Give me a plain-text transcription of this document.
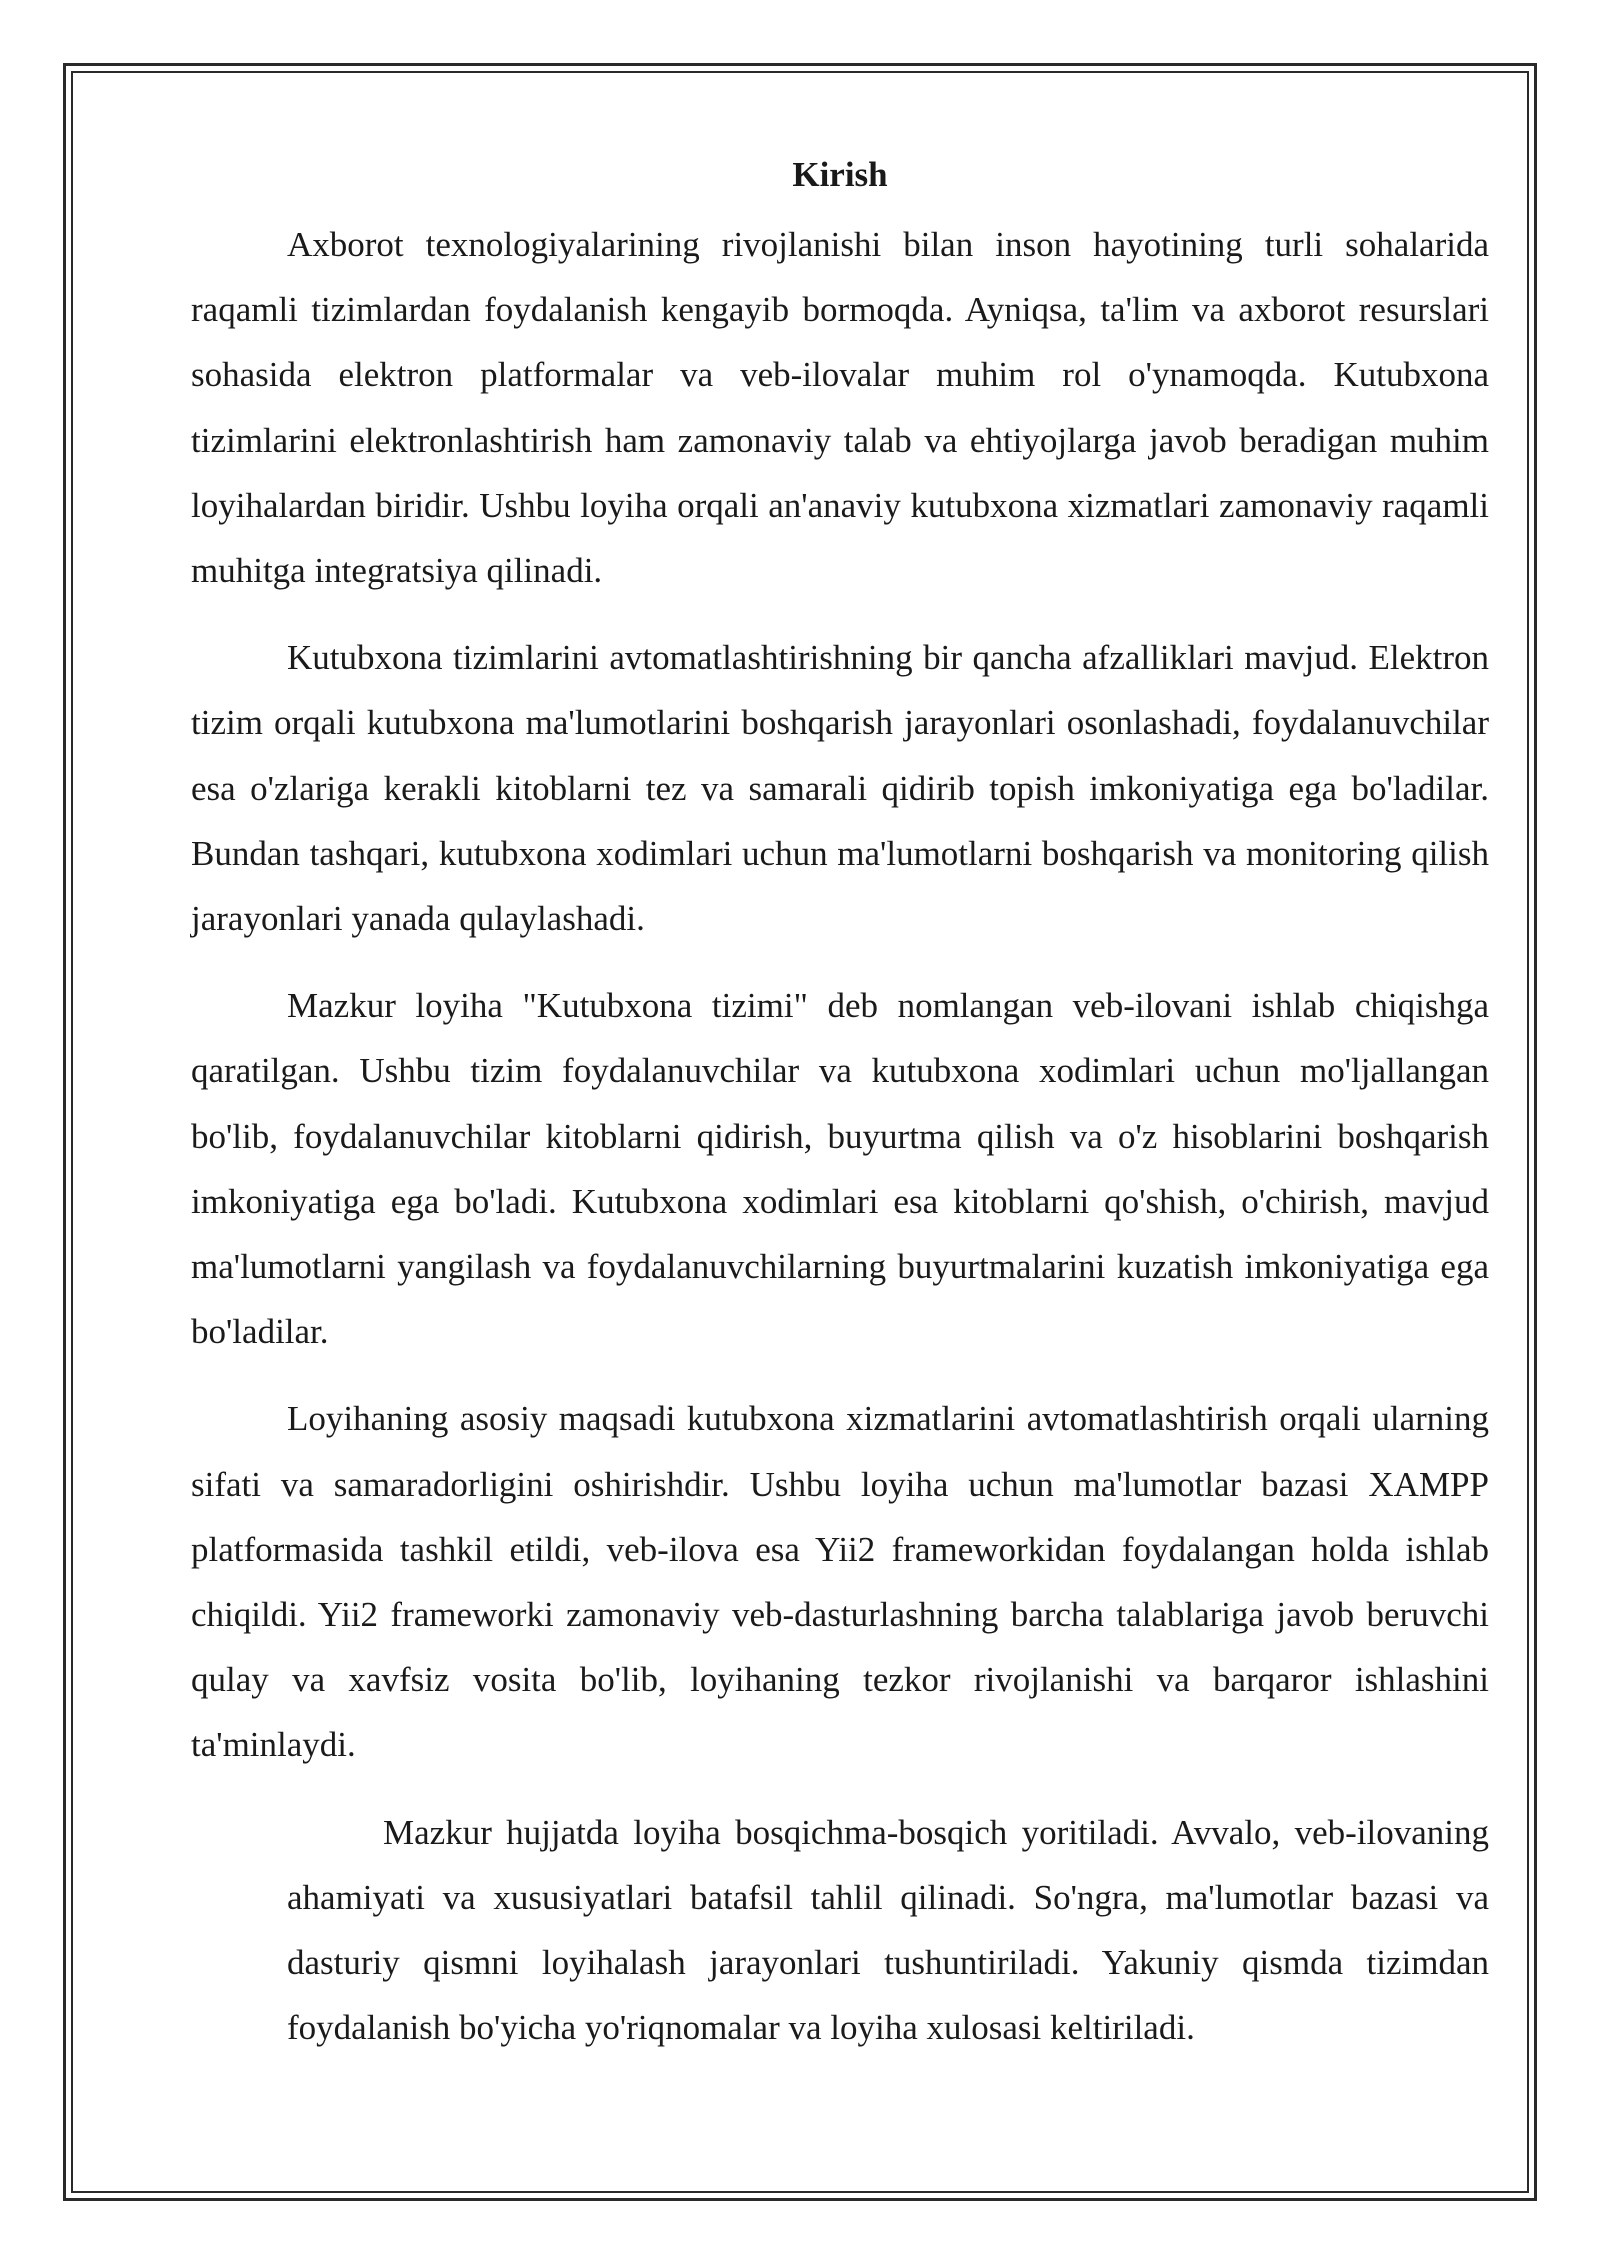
Kirish

Axborot texnologiyalarining rivojlanishi bilan inson hayotining turli sohalarida raqamli tizimlardan foydalanish kengayib bormoqda. Ayniqsa, ta'lim va axborot resurslari sohasida elektron platformalar va veb-ilovalar muhim rol o'ynamoqda. Kutubxona tizimlarini elektronlashtirish ham zamonaviy talab va ehtiyojlarga javob beradigan muhim loyihalardan biridir. Ushbu loyiha orqali an'anaviy kutubxona xizmatlari zamonaviy raqamli muhitga integratsiya qilinadi.

Kutubxona tizimlarini avtomatlashtirishning bir qancha afzalliklari mavjud. Elektron tizim orqali kutubxona ma'lumotlarini boshqarish jarayonlari osonlashadi, foydalanuvchilar esa o'zlariga kerakli kitoblarni tez va samarali qidirib topish imkoniyatiga ega bo'ladilar. Bundan tashqari, kutubxona xodimlari uchun ma'lumotlarni boshqarish va monitoring qilish jarayonlari yanada qulaylashadi.

Mazkur loyiha "Kutubxona tizimi" deb nomlangan veb-ilovani ishlab chiqishga qaratilgan. Ushbu tizim foydalanuvchilar va kutubxona xodimlari uchun mo'ljallangan bo'lib, foydalanuvchilar kitoblarni qidirish, buyurtma qilish va o'z hisoblarini boshqarish imkoniyatiga ega bo'ladi. Kutubxona xodimlari esa kitoblarni qo'shish, o'chirish, mavjud ma'lumotlarni yangilash va foydalanuvchilarning buyurtmalarini kuzatish imkoniyatiga ega bo'ladilar.

Loyihaning asosiy maqsadi kutubxona xizmatlarini avtomatlashtirish orqali ularning sifati va samaradorligini oshirishdir. Ushbu loyiha uchun ma'lumotlar bazasi XAMPP platformasida tashkil etildi, veb-ilova esa Yii2 frameworkidan foydalangan holda ishlab chiqildi. Yii2 frameworki zamonaviy veb-dasturlashning barcha talablariga javob beruvchi qulay va xavfsiz vosita bo'lib, loyihaning tezkor rivojlanishi va barqaror ishlashini ta'minlaydi.

Mazkur hujjatda loyiha bosqichma-bosqich yoritiladi. Avvalo, veb-ilovaning ahamiyati va xususiyatlari batafsil tahlil qilinadi. So'ngra, ma'lumotlar bazasi va dasturiy qismni loyihalash jarayonlari tushuntiriladi. Yakuniy qismda tizimdan foydalanish bo'yicha yo'riqnomalar va loyiha xulosasi keltiriladi.
